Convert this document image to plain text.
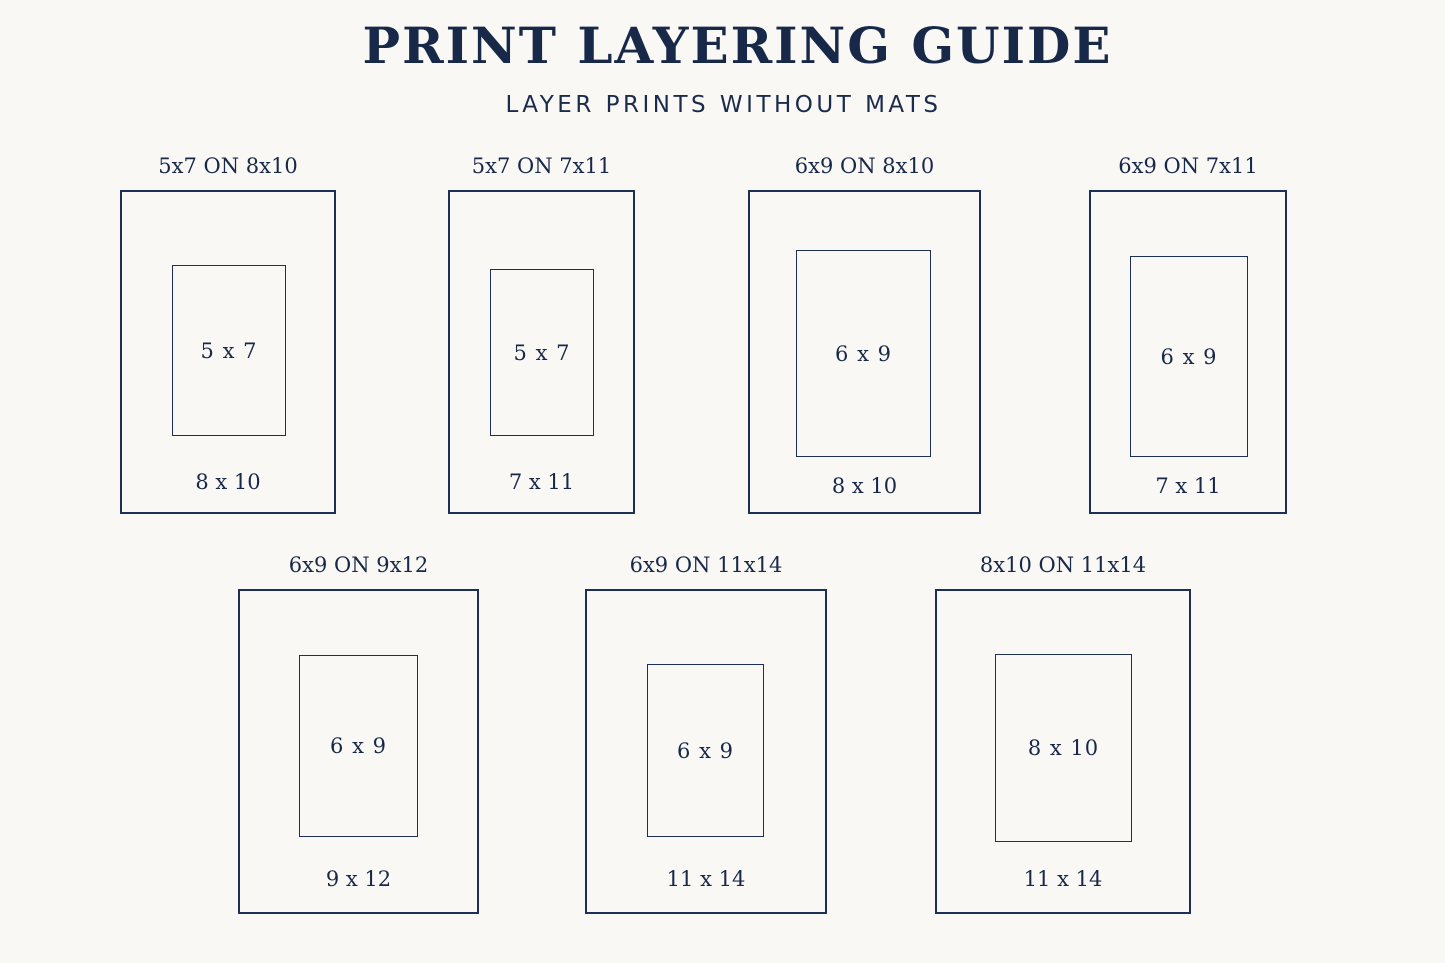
PRINT LAYERING GUIDE
LAYER PRINTS WITHOUT MATS
5x7 ON 8x10
5 x 7
8 x 10
5x7 ON 7x11
5 x 7
7 x 11
6x9 ON 8x10
6 x 9
8 x 10
6x9 ON 7x11
6 x 9
7 x 11
6x9 ON 9x12
6 x 9
9 x 12
6x9 ON 11x14
6 x 9
11 x 14
8x10 ON 11x14
8 x 10
11 x 14
